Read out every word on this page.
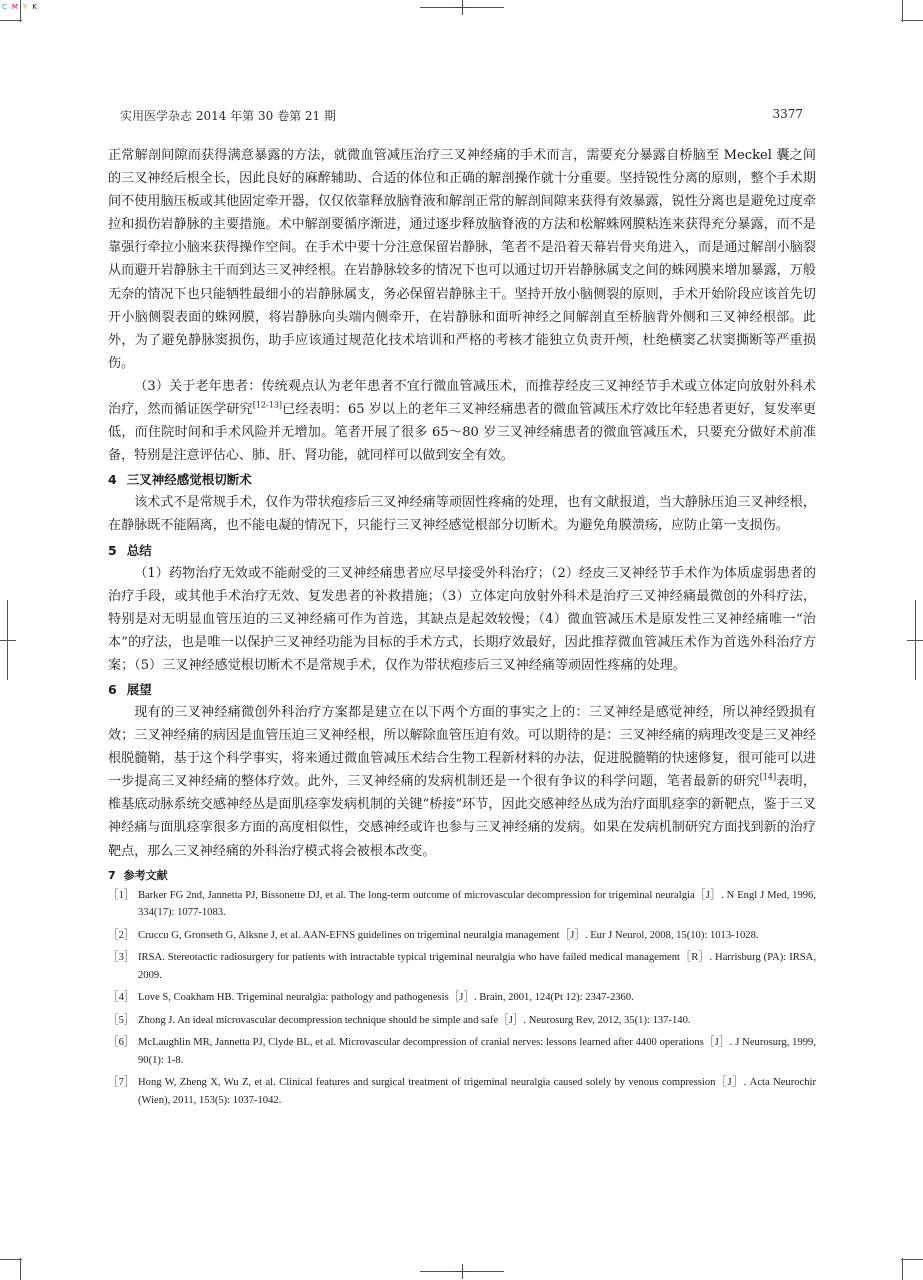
C M Y K
实用医学杂志 2014 年第 30 卷第 21 期	3377

正常解剖间隙而获得满意暴露的方法，就微血管减压治疗三叉神经痛的手术而言，需要充分暴露自桥脑至 Meckel 囊之间的三叉神经后根全长，因此良好的麻醉辅助、合适的体位和正确的解剖操作就十分重要。坚持锐性分离的原则，整个手术期间不使用脑压板或其他固定牵开器，仅仅依靠释放脑脊液和解剖正常的解剖间隙来获得有效暴露，锐性分离也是避免过度牵拉和损伤岩静脉的主要措施。术中解剖要循序渐进，通过逐步释放脑脊液的方法和松解蛛网膜粘连来获得充分暴露，而不是靠强行牵拉小脑来获得操作空间。在手术中要十分注意保留岩静脉，笔者不是沿着天幕岩骨夹角进入，而是通过解剖小脑裂从而避开岩静脉主干而到达三叉神经根。在岩静脉较多的情况下也可以通过切开岩静脉属支之间的蛛网膜来增加暴露，万般无奈的情况下也只能牺牲最细小的岩静脉属支，务必保留岩静脉主干。坚持开放小脑侧裂的原则，手术开始阶段应该首先切开小脑侧裂表面的蛛网膜，将岩静脉向头端内侧牵开，在岩静脉和面听神经之间解剖直至桥脑背外侧和三叉神经根部。此外，为了避免静脉窦损伤，助手应该通过规范化技术培训和严格的考核才能独立负责开颅，杜绝横窦乙状窦撕断等严重损伤。

（3）关于老年患者：传统观点认为老年患者不宜行微血管减压术，而推荐经皮三叉神经节手术或立体定向放射外科术治疗，然而循证医学研究[12-13]已经表明：65 岁以上的老年三叉神经痛患者的微血管减压术疗效比年轻患者更好，复发率更低，而住院时间和手术风险并无增加。笔者开展了很多 65～80 岁三叉神经痛患者的微血管减压术，只要充分做好术前准备，特别是注意评估心、肺、肝、肾功能，就同样可以做到安全有效。

4 三叉神经感觉根切断术

该术式不是常规手术，仅作为带状疱疹后三叉神经痛等顽固性疼痛的处理，也有文献报道，当大静脉压迫三叉神经根，在静脉既不能隔离，也不能电凝的情况下，只能行三叉神经感觉根部分切断术。为避免角膜溃疡，应防止第一支损伤。

5 总结

（1）药物治疗无效或不能耐受的三叉神经痛患者应尽早接受外科治疗；（2）经皮三叉神经节手术作为体质虚弱患者的治疗手段，或其他手术治疗无效、复发患者的补救措施；（3）立体定向放射外科术是治疗三叉神经痛最微创的外科疗法，特别是对无明显血管压迫的三叉神经痛可作为首选，其缺点是起效较慢；（4）微血管减压术是原发性三叉神经痛唯一“治本”的疗法，也是唯一以保护三叉神经功能为目标的手术方式，长期疗效最好，因此推荐微血管减压术作为首选外科治疗方案；（5）三叉神经感觉根切断术不是常规手术，仅作为带状疱疹后三叉神经痛等顽固性疼痛的处理。

6 展望

现有的三叉神经痛微创外科治疗方案都是建立在以下两个方面的事实之上的：三叉神经是感觉神经，所以神经毁损有效；三叉神经痛的病因是血管压迫三叉神经根，所以解除血管压迫有效。可以期待的是：三叉神经痛的病理改变是三叉神经根脱髓鞘，基于这个科学事实，将来通过微血管减压术结合生物工程新材料的办法，促进脱髓鞘的快速修复，很可能可以进一步提高三叉神经痛的整体疗效。此外，三叉神经痛的发病机制还是一个很有争议的科学问题，笔者最新的研究[14]表明，椎基底动脉系统交感神经丛是面肌痉挛发病机制的关键“桥接”环节，因此交感神经丛成为治疗面肌痉挛的新靶点，鉴于三叉神经痛与面肌痉挛很多方面的高度相似性，交感神经或许也参与三叉神经痛的发病。如果在发病机制研究方面找到新的治疗靶点，那么三叉神经痛的外科治疗模式将会被根本改变。

7 参考文献
［1］ Barker FG 2nd, Jannetta PJ, Bissonette DJ, et al. The long-term outcome of microvascular decompression for trigeminal neuralgia［J］. N Engl J Med, 1996, 334(17): 1077-1083.
［2］ Cruccu G, Gronseth G, Alksne J, et al. AAN-EFNS guidelines on trigeminal neuralgia management［J］. Eur J Neurol, 2008, 15(10): 1013-1028.
［3］ IRSA. Stereotactic radiosurgery for patients with intractable typical trigeminal neuralgia who have failed medical management［R］. Harrisburg (PA): IRSA, 2009.
［4］ Love S, Coakham HB. Trigeminal neuralgia: pathology and pathogenesis［J］. Brain, 2001, 124(Pt 12): 2347-2360.
［5］ Zhong J. An ideal microvascular decompression technique should be simple and safe［J］. Neurosurg Rev, 2012, 35(1): 137-140.
［6］ McLaughlin MR, Jannetta PJ, Clyde BL, et al. Microvascular decompression of cranial nerves: lessons learned after 4400 operations［J］. J Neurosurg, 1999, 90(1): 1-8.
［7］ Hong W, Zheng X, Wu Z, et al. Clinical features and surgical treatment of trigeminal neuralgia caused solely by venous compression［J］. Acta Neurochir (Wien), 2011, 153(5): 1037-1042.
